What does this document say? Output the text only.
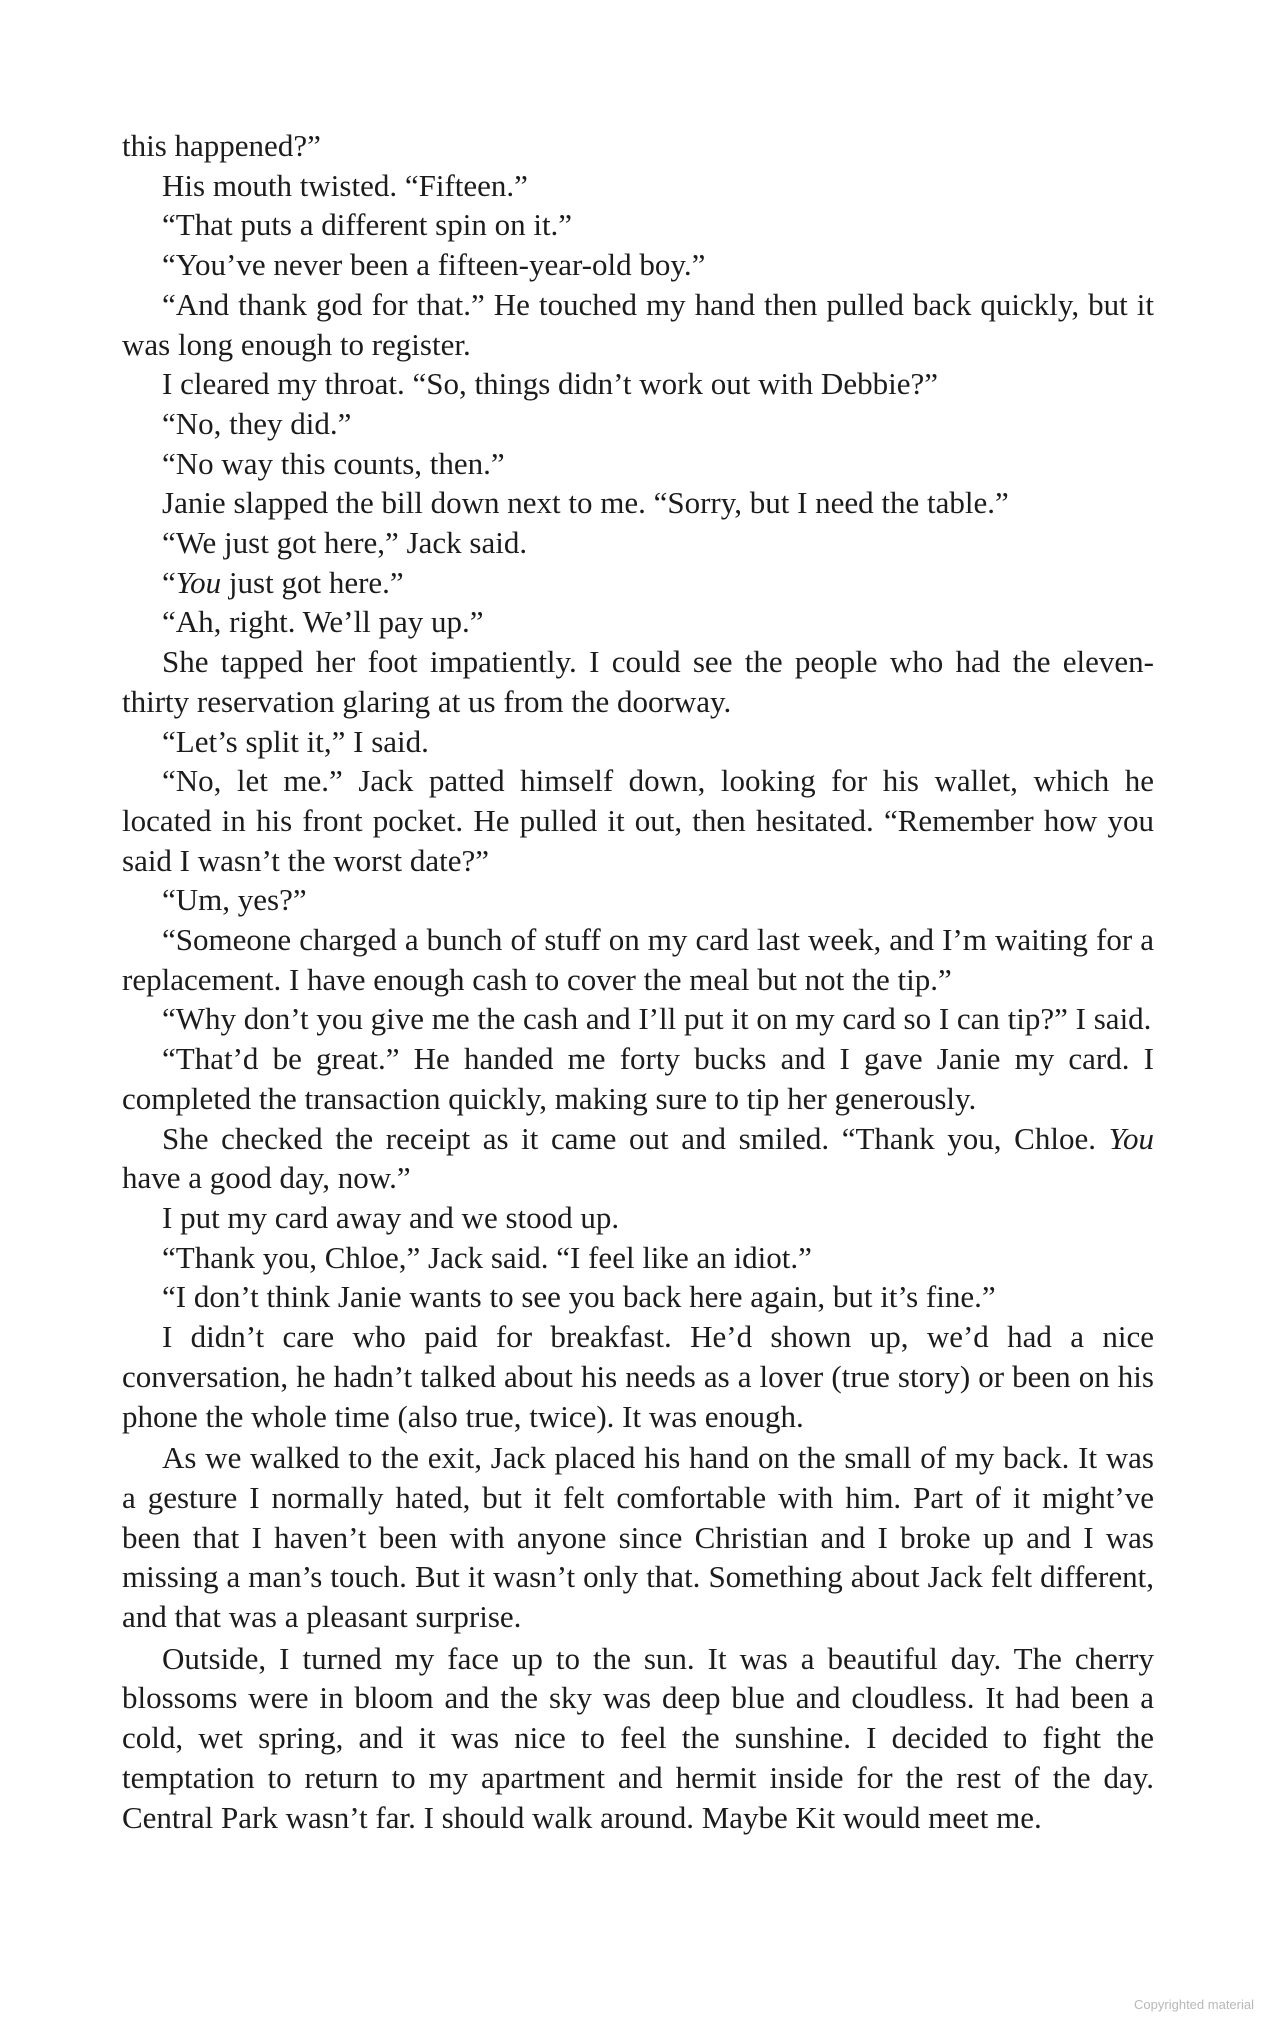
this happened?”

His mouth twisted. “Fifteen.”

“That puts a different spin on it.”

“You’ve never been a fifteen-year-old boy.”

“And thank god for that.” He touched my hand then pulled back quickly, but it was long enough to register.

I cleared my throat. “So, things didn’t work out with Debbie?”

“No, they did.”

“No way this counts, then.”

Janie slapped the bill down next to me. “Sorry, but I need the table.”

“We just got here,” Jack said.

“You just got here.”

“Ah, right. We’ll pay up.”

She tapped her foot impatiently. I could see the people who had the eleven-thirty reservation glaring at us from the doorway.

“Let’s split it,” I said.

“No, let me.” Jack patted himself down, looking for his wallet, which he located in his front pocket. He pulled it out, then hesitated. “Remember how you said I wasn’t the worst date?”

“Um, yes?”

“Someone charged a bunch of stuff on my card last week, and I’m waiting for a replacement. I have enough cash to cover the meal but not the tip.”

“Why don’t you give me the cash and I’ll put it on my card so I can tip?” I said.

“That’d be great.” He handed me forty bucks and I gave Janie my card. I completed the transaction quickly, making sure to tip her generously.

She checked the receipt as it came out and smiled. “Thank you, Chloe. You have a good day, now.”

I put my card away and we stood up.

“Thank you, Chloe,” Jack said. “I feel like an idiot.”

“I don’t think Janie wants to see you back here again, but it’s fine.”

I didn’t care who paid for breakfast. He’d shown up, we’d had a nice conversation, he hadn’t talked about his needs as a lover (true story) or been on his phone the whole time (also true, twice). It was enough.

As we walked to the exit, Jack placed his hand on the small of my back. It was a gesture I normally hated, but it felt comfortable with him. Part of it might’ve been that I haven’t been with anyone since Christian and I broke up and I was missing a man’s touch. But it wasn’t only that. Something about Jack felt different, and that was a pleasant surprise.

Outside, I turned my face up to the sun. It was a beautiful day. The cherry blossoms were in bloom and the sky was deep blue and cloudless. It had been a cold, wet spring, and it was nice to feel the sunshine. I decided to fight the temptation to return to my apartment and hermit inside for the rest of the day. Central Park wasn’t far. I should walk around. Maybe Kit would meet me.

Copyrighted material
